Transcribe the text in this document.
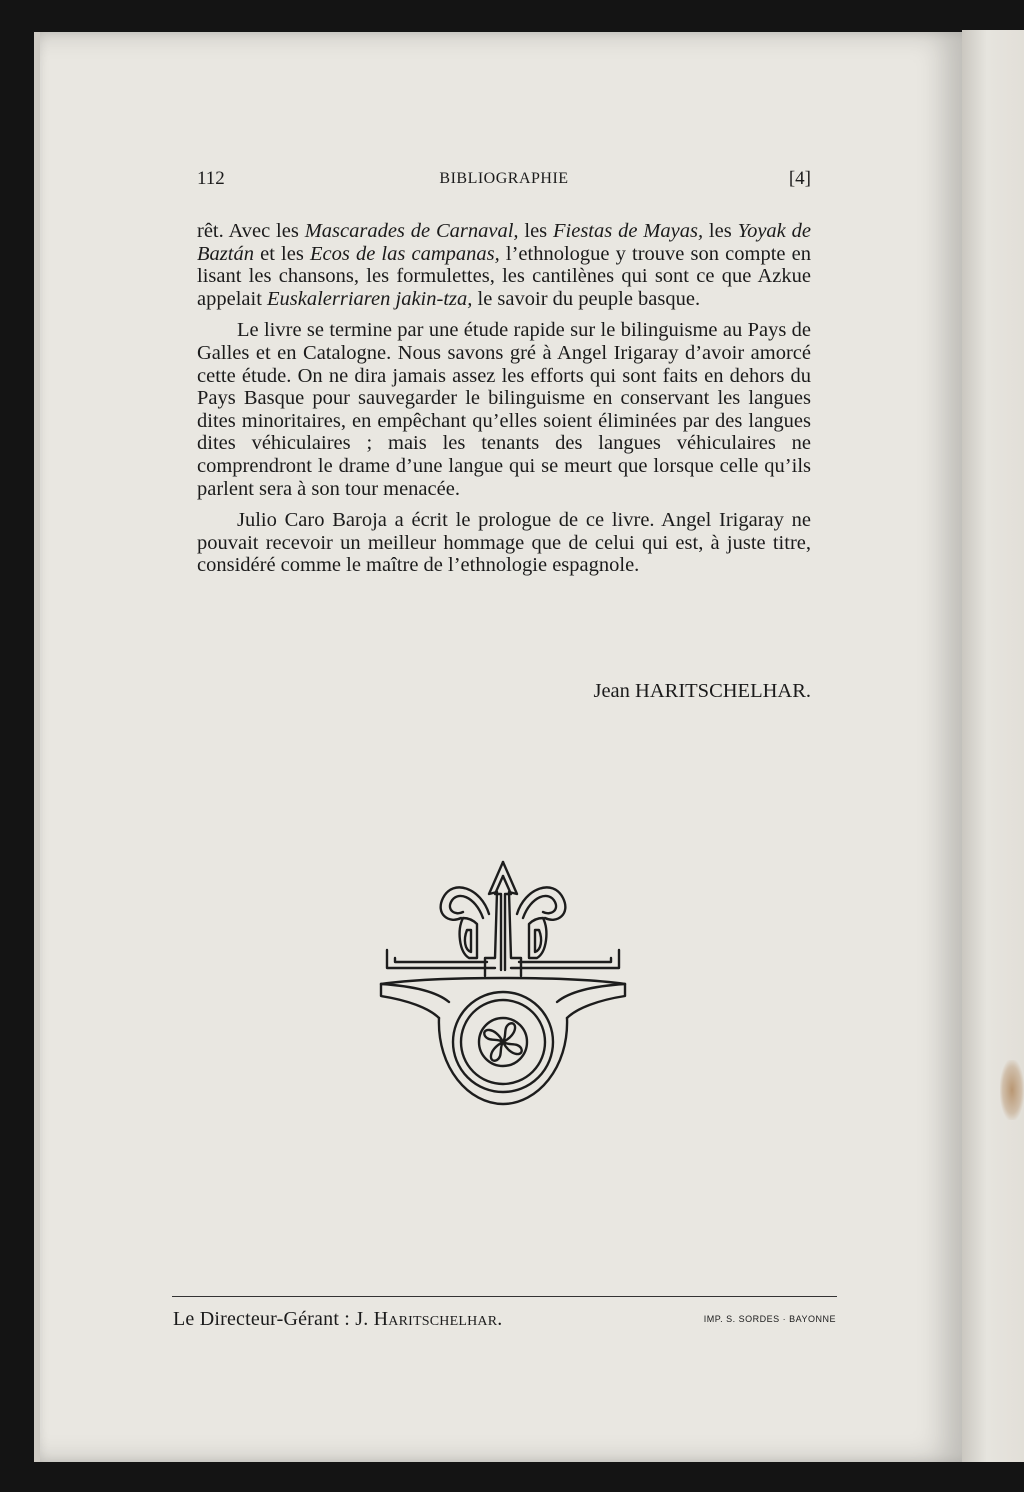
112	BIBLIOGRAPHIE	[4]

rêt. Avec les Mascarades de Carnaval, les Fiestas de Mayas, les Yoyak de Baztán et les Ecos de las campanas, l’ethnologue y trouve son compte en lisant les chansons, les formulettes, les cantilènes qui sont ce que Azkue appelait Euskalerriaren jakin-tza, le savoir du peuple basque.

Le livre se termine par une étude rapide sur le bilinguisme au Pays de Galles et en Catalogne. Nous savons gré à Angel Irigaray d’avoir amorcé cette étude. On ne dira jamais assez les efforts qui sont faits en dehors du Pays Basque pour sauvegarder le bilinguisme en conservant les langues dites minoritaires, en empêchant qu’elles soient éliminées par des langues dites véhiculaires ; mais les tenants des langues véhiculaires ne comprendront le drame d’une langue qui se meurt que lorsque celle qu’ils parlent sera à son tour menacée.

Julio Caro Baroja a écrit le prologue de ce livre. Angel Irigaray ne pouvait recevoir un meilleur hommage que de celui qui est, à juste titre, considéré comme le maître de l’ethnologie espagnole.

Jean HARITSCHELHAR.
Le Directeur-Gérant : J. Haritschelhar.	IMP. S. SORDES · BAYONNE
